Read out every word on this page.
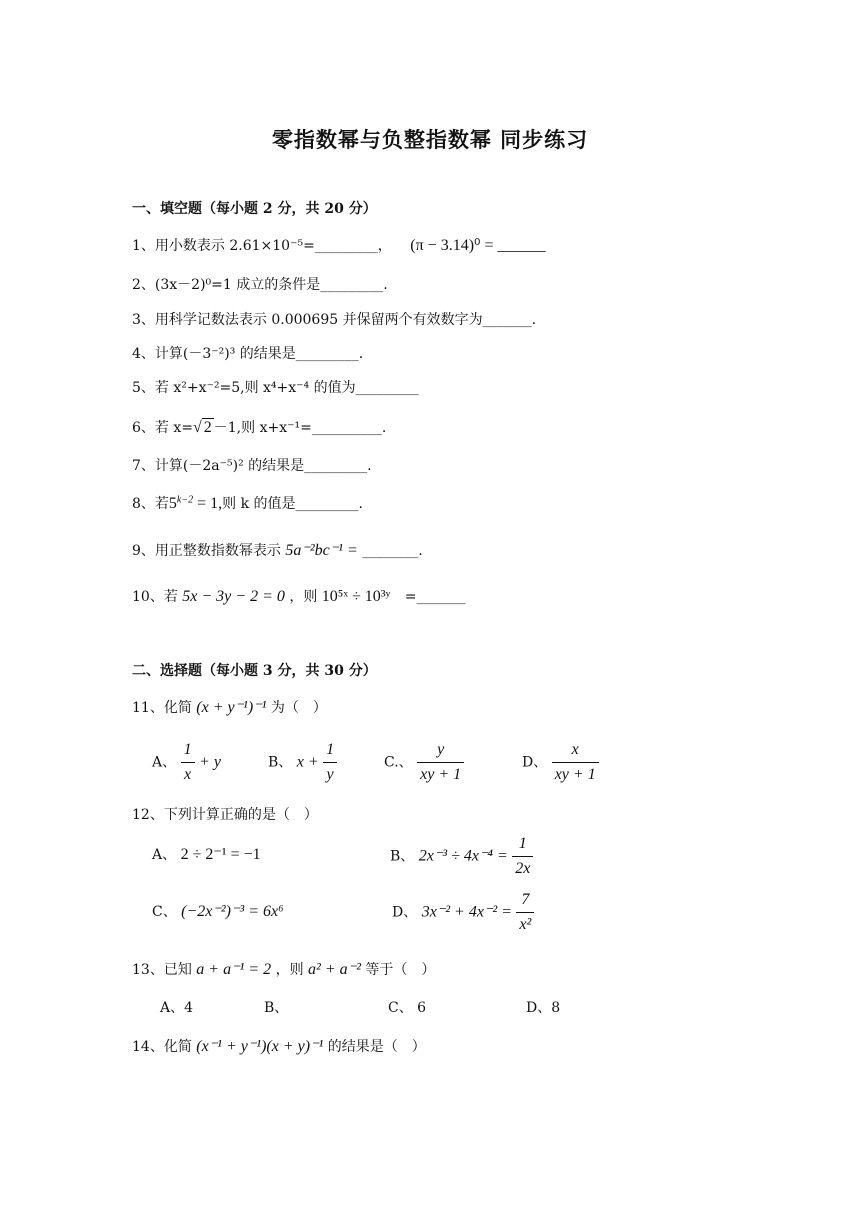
零指数幂与负整指数幂 同步练习
一、填空题（每小题 2 分，共 20 分）
1、用小数表示 2.61×10⁻⁵=_________， (π − 3.14)⁰ = ______
2、(3x－2)⁰=1 成立的条件是_________.
3、用科学记数法表示 0.000695 并保留两个有效数字为_______.
4、计算(－3⁻²)³ 的结果是_________.
5、若 x²+x⁻²=5,则 x⁴+x⁻⁴ 的值为_________
6、若 x=√ 2 －1,则 x+x⁻¹=__________.
7、计算(－2a⁻⁵)² 的结果是_________.
8、若$5^{k-2} = 1$,则 k 的值是_________.
9、用正整数指数幂表示 5a⁻²bc⁻¹ = ________.
10、若 5x − 3y − 2 = 0 ，则 10⁵ˣ ÷ 10³ʸ =_______
二、选择题（每小题 3 分，共 30 分）
11、化简 (x + y⁻¹)⁻¹ 为（　）
A、 $\frac{1}{x} + y$	B、 $x + \frac{1}{y}$	C.、 $\frac{y}{xy + 1}$	D、 $\frac{x}{xy + 1}$
12、下列计算正确的是（　）
A、 2 ÷ 2⁻¹ = −1	B、 $2x^{-3} \div 4x^{-4} = \frac{1}{2x}$
C、 (−2x⁻²)⁻³ = 6x⁶	D、 $3x^{-2} + 4x^{-2} = \frac{7}{\text{x²}}$
13、已知 a + a⁻¹ = 2 ，则 a² + a⁻² 等于（　）
A、4	B、	C、 6	D、8
14、化简 (x⁻¹ + y⁻¹)(x + y)⁻¹ 的结果是（　）
